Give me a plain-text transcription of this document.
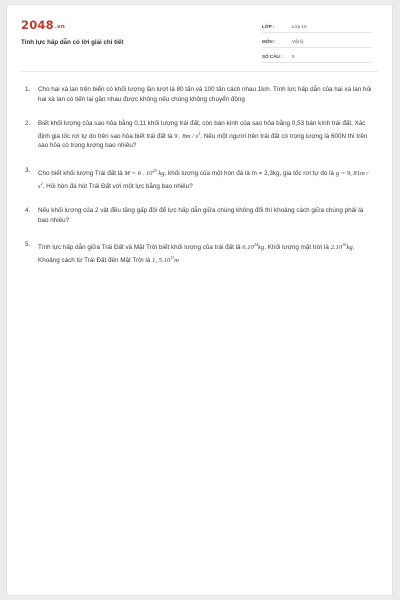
2048.vn
Tính lực hấp dẫn có lời giải chi tiết
LỚP :	Lớp 10
MÔN :	Vật lý
SỐ CÂU :	5
1.	Cho hai xà lan trên biển có khối lượng lần lượt là 80 tấn và 100 tấn cách nhau 1km. Tính lực hấp dẫn của hai xà lan hỏi hai xà lan có tiến lại gần nhau được không nếu chúng không chuyển động
2.	Biết khối lượng của sao hỏa bằng 0,11 khối lượng trái đất, còn bán kính của sao hỏa bằng 0,53 bán kính trái đất. Xác định gia tốc rơi tự do trên sao hỏa biết trái đất là 9 . $8m / s^2$. Nếu một người trên trái đất có trọng lượng là 600N thì trên sao hỏa có trọng lượng bao nhiêu?
3.	Cho biết khối lượng Trái đất là M = 6 . $10^{24}$ kg, khối lượng của một hòn đá là m = 2,3kg, gia tốc rơi tự do là g = 9, $81m / s^2$. Hỏi hòn đá hút Trái Đất với một lực bằng bao nhiêu?
4.	Nếu khối lượng của 2 vật đều tăng gấp đôi để lực hấp dẫn giữa chúng không đổi thì khoảng cách giữa chúng phải là bao nhiêu?
5.	Tính lực hấp dẫn giữa Trái Đất và Mặt Trời biết khối lượng của trái đất là 6.10$^{24}$kg. Khối lượng mặt trời là 2.10$^{30}$kg. Khoảng cách từ Trái Đất đến Mặt Trời là 1, 5.10$^{11}$m
